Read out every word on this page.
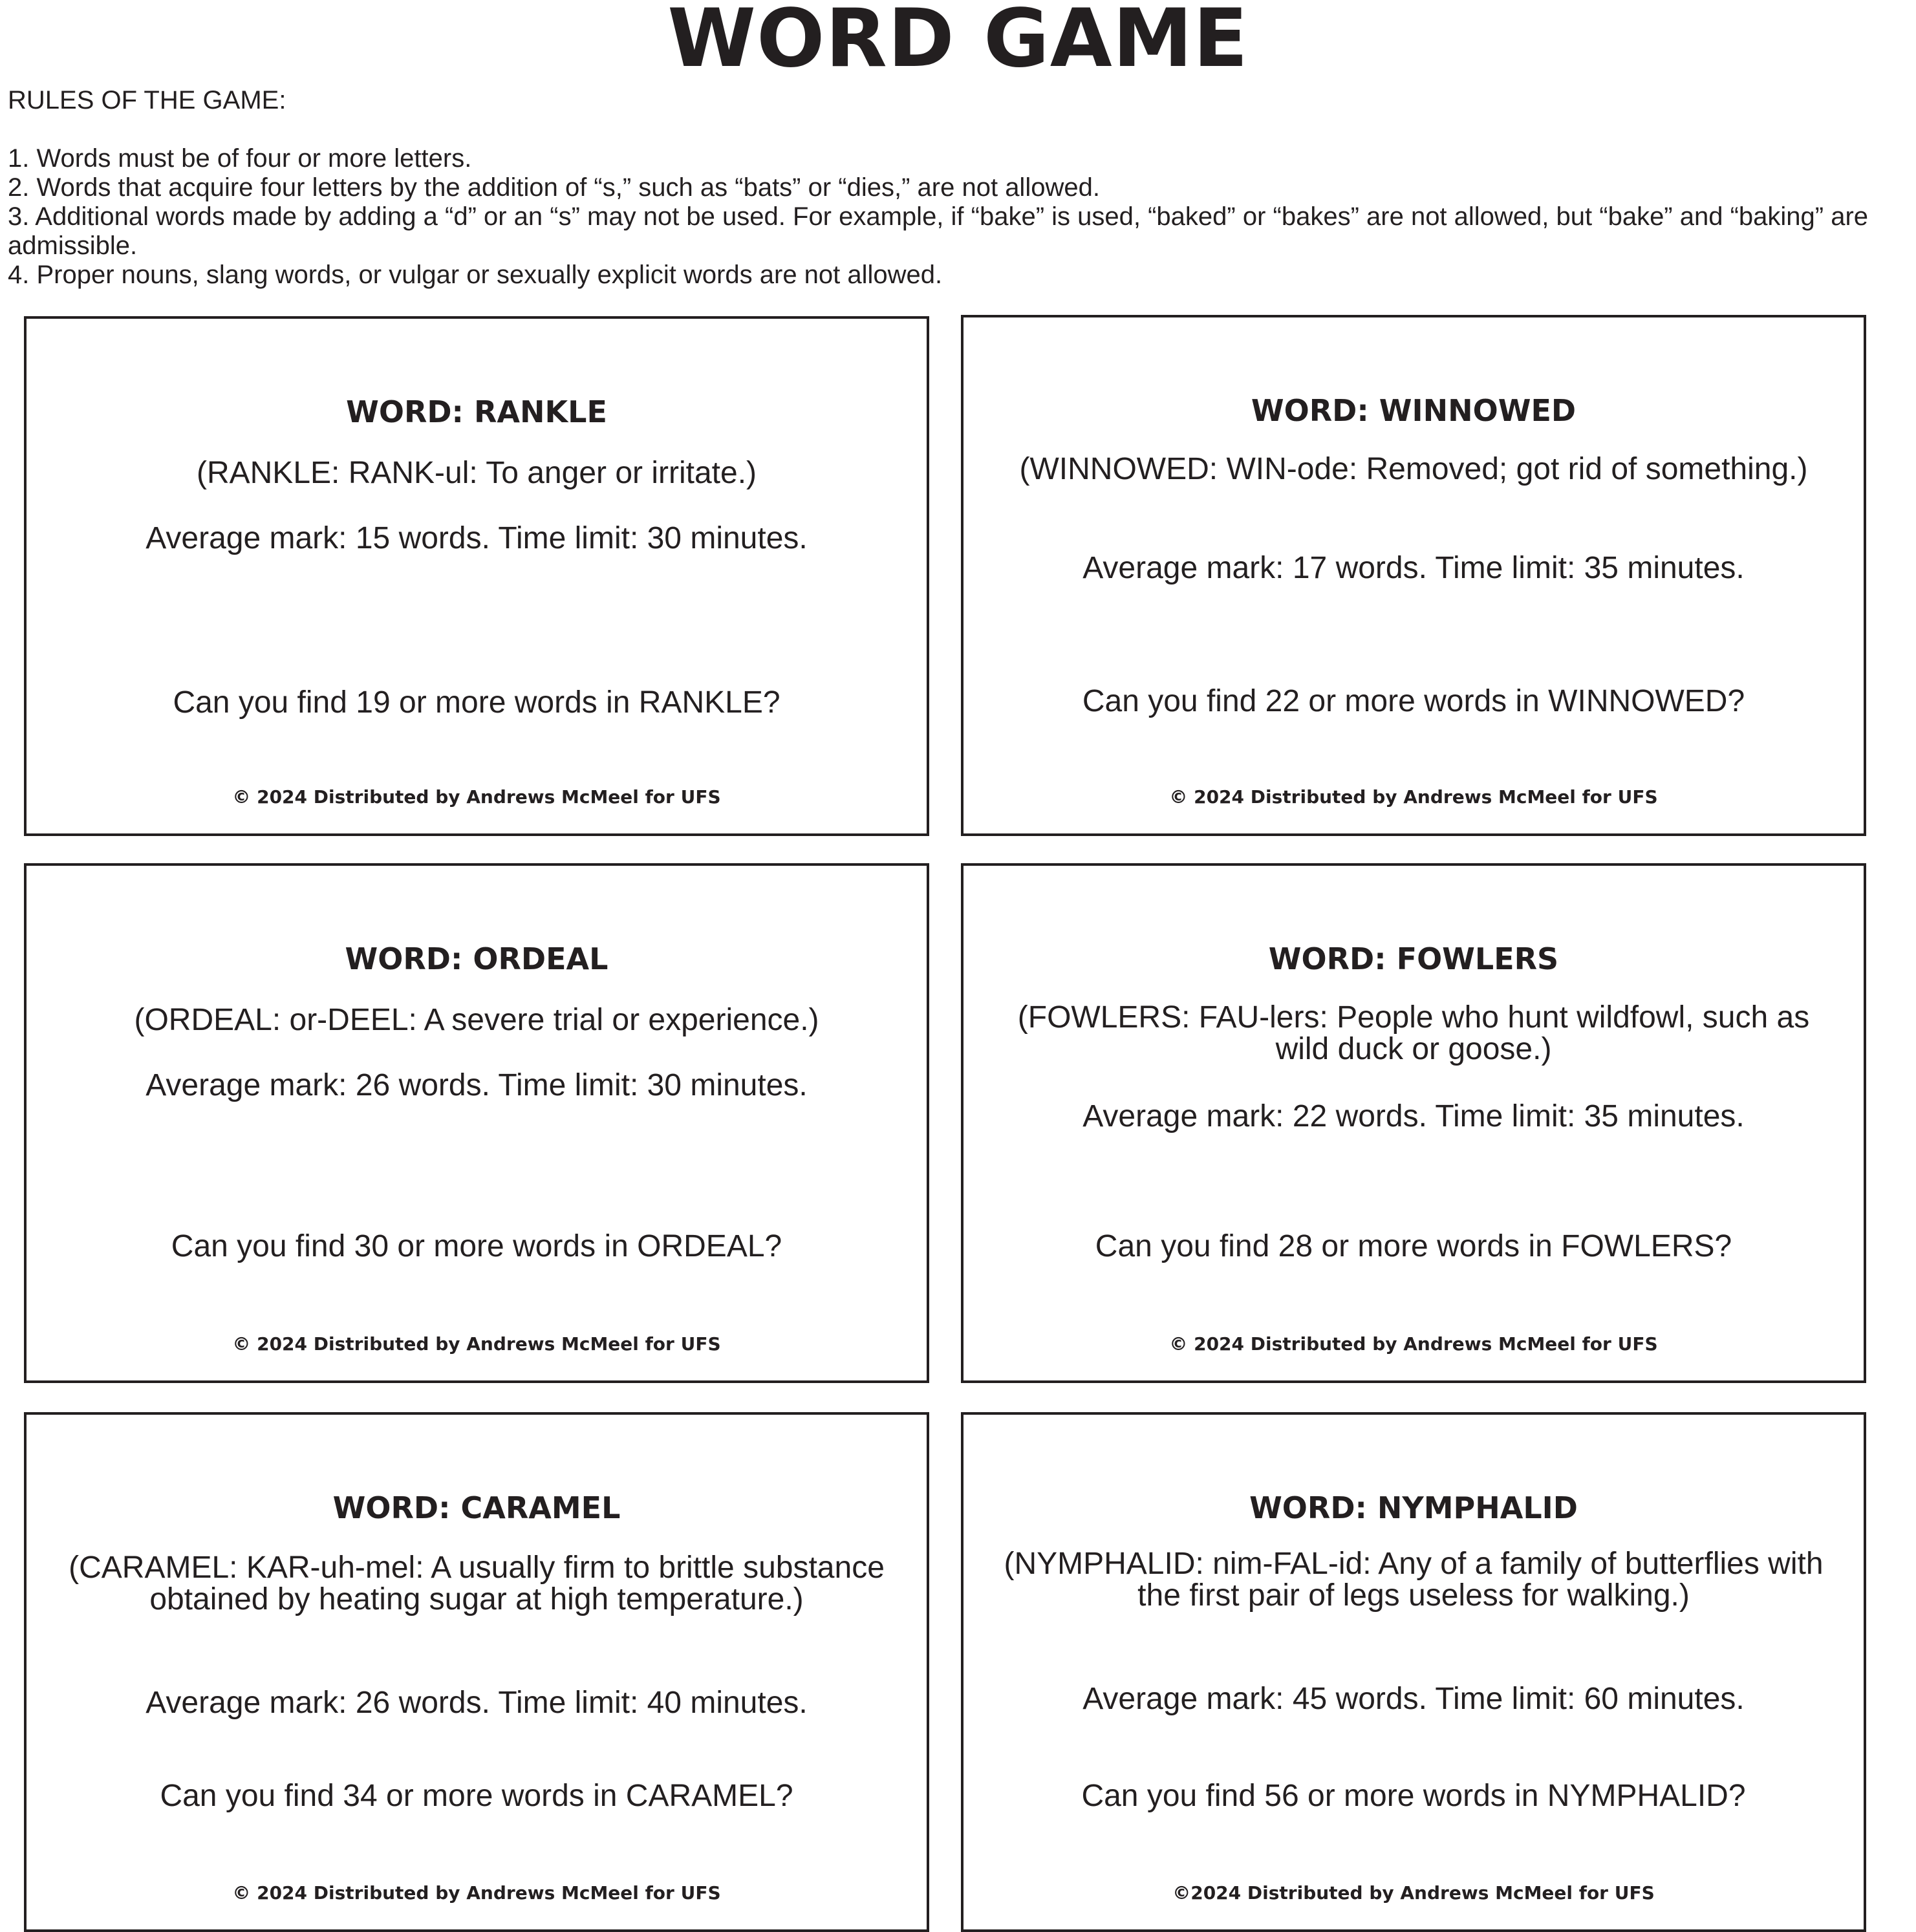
WORD GAME

RULES OF THE GAME:

1. Words must be of four or more letters.
2. Words that acquire four letters by the addition of “s,” such as “bats” or “dies,” are not allowed.
3. Additional words made by adding a “d” or an “s” may not be used. For example, if “bake” is used, “baked” or “bakes” are not allowed, but “bake” and “baking” are admissible.
4. Proper nouns, slang words, or vulgar or sexually explicit words are not allowed.

WORD: RANKLE

(RANKLE: RANK-ul: To anger or irritate.)

Average mark: 15 words. Time limit: 30 minutes.

Can you find 19 or more words in RANKLE?

© 2024 Distributed by Andrews McMeel for UFS

WORD: WINNOWED

(WINNOWED: WIN-ode: Removed; got rid of something.)

Average mark: 17 words. Time limit: 35 minutes.

Can you find 22 or more words in WINNOWED?

© 2024 Distributed by Andrews McMeel for UFS

WORD: ORDEAL

(ORDEAL: or-DEEL: A severe trial or experience.)

Average mark: 26 words. Time limit: 30 minutes.

Can you find 30 or more words in ORDEAL?

© 2024 Distributed by Andrews McMeel for UFS

WORD: FOWLERS

(FOWLERS: FAU-lers: People who hunt wildfowl, such as wild duck or goose.)

Average mark: 22 words. Time limit: 35 minutes.

Can you find 28 or more words in FOWLERS?

© 2024 Distributed by Andrews McMeel for UFS

WORD: CARAMEL

(CARAMEL: KAR-uh-mel: A usually firm to brittle substance obtained by heating sugar at high temperature.)

Average mark: 26 words. Time limit: 40 minutes.

Can you find 34 or more words in CARAMEL?

© 2024 Distributed by Andrews McMeel for UFS

WORD: NYMPHALID

(NYMPHALID: nim-FAL-id: Any of a family of butterflies with the first pair of legs useless for walking.)

Average mark: 45 words. Time limit: 60 minutes.

Can you find 56 or more words in NYMPHALID?

©2024 Distributed by Andrews McMeel for UFS
